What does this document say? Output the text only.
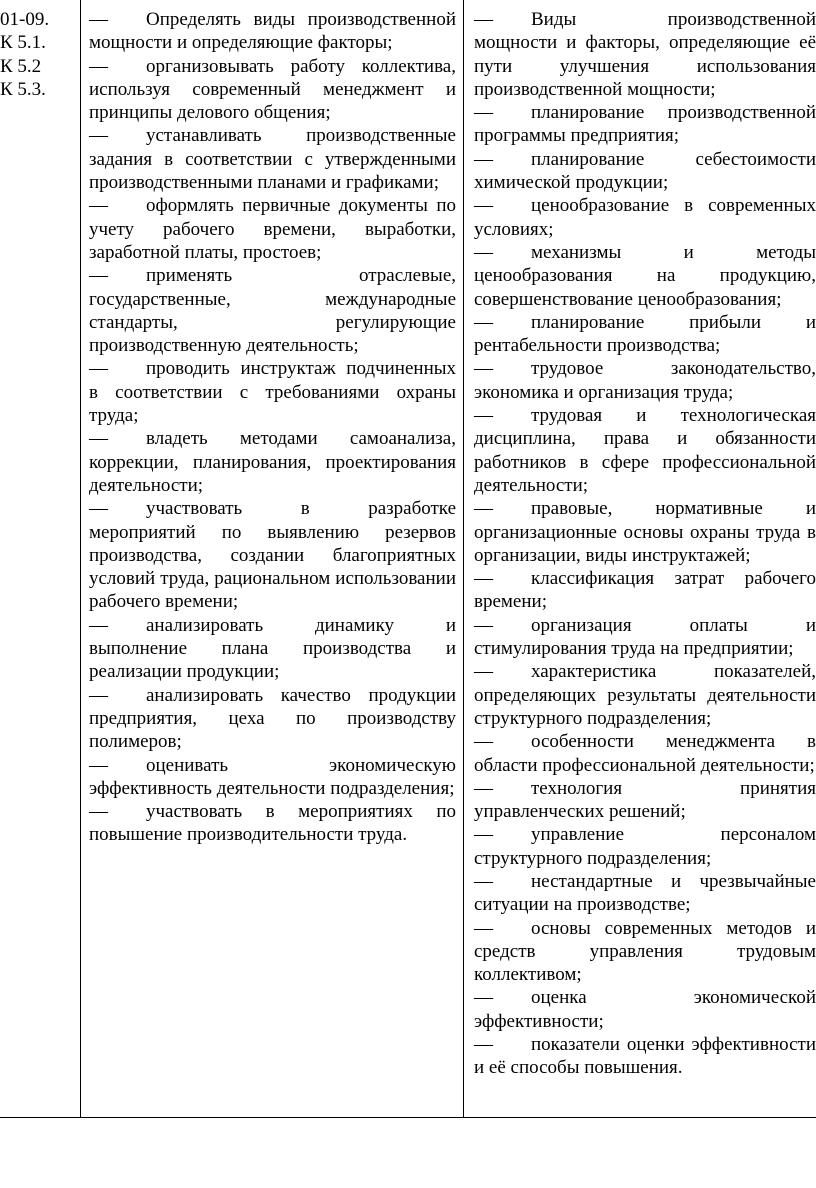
01-09.
К 5.1.
К 5.2
К 5.3.

— Определять виды производственной мощности и определяющие факторы;

— организовывать работу коллектива, используя современный менеджмент и принципы делового общения;

— устанавливать производственные задания в соответствии с утвержденными производственными планами и графиками;

— оформлять первичные документы по учету рабочего времени, выработки, заработной платы, простоев;

— применять отраслевые, государственные, международные стандарты, регулирующие производственную деятельность;

— проводить инструктаж подчиненных в соответствии с требованиями охраны труда;

— владеть методами самоанализа, коррекции, планирования, проектирования деятельности;

— участвовать в разработке мероприятий по выявлению резервов производства, создании благоприятных условий труда, рациональном использовании рабочего времени;

— анализировать динамику и выполнение плана производства и реализации продукции;

— анализировать качество продукции предприятия, цеха по производству полимеров;

— оценивать экономическую эффективность деятельности подразделения;

— участвовать в мероприятиях по повышение производительности труда.

— Виды производственной мощности и факторы, определяющие её пути улучшения использования производственной мощности;

— планирование производственной программы предприятия;

— планирование себестоимости химической продукции;

— ценообразование в современных условиях;

— механизмы и методы ценообразования на продукцию, совершенствование ценообразования;

— планирование прибыли и рентабельности производства;

— трудовое законодательство, экономика и организация труда;

— трудовая и технологическая дисциплина, права и обязанности работников в сфере профессиональной деятельности;

— правовые, нормативные и организационные основы охраны труда в организации, виды инструктажей;

— классификация затрат рабочего времени;

— организация оплаты и стимулирования труда на предприятии;

— характеристика показателей, определяющих результаты деятельности структурного подразделения;

— особенности менеджмента в области профессиональной деятельности;

— технология принятия управленческих решений;

— управление персоналом структурного подразделения;

— нестандартные и чрезвычайные ситуации на производстве;

— основы современных методов и средств управления трудовым коллективом;

— оценка экономической эффективности;

— показатели оценки эффективности и её способы повышения.
